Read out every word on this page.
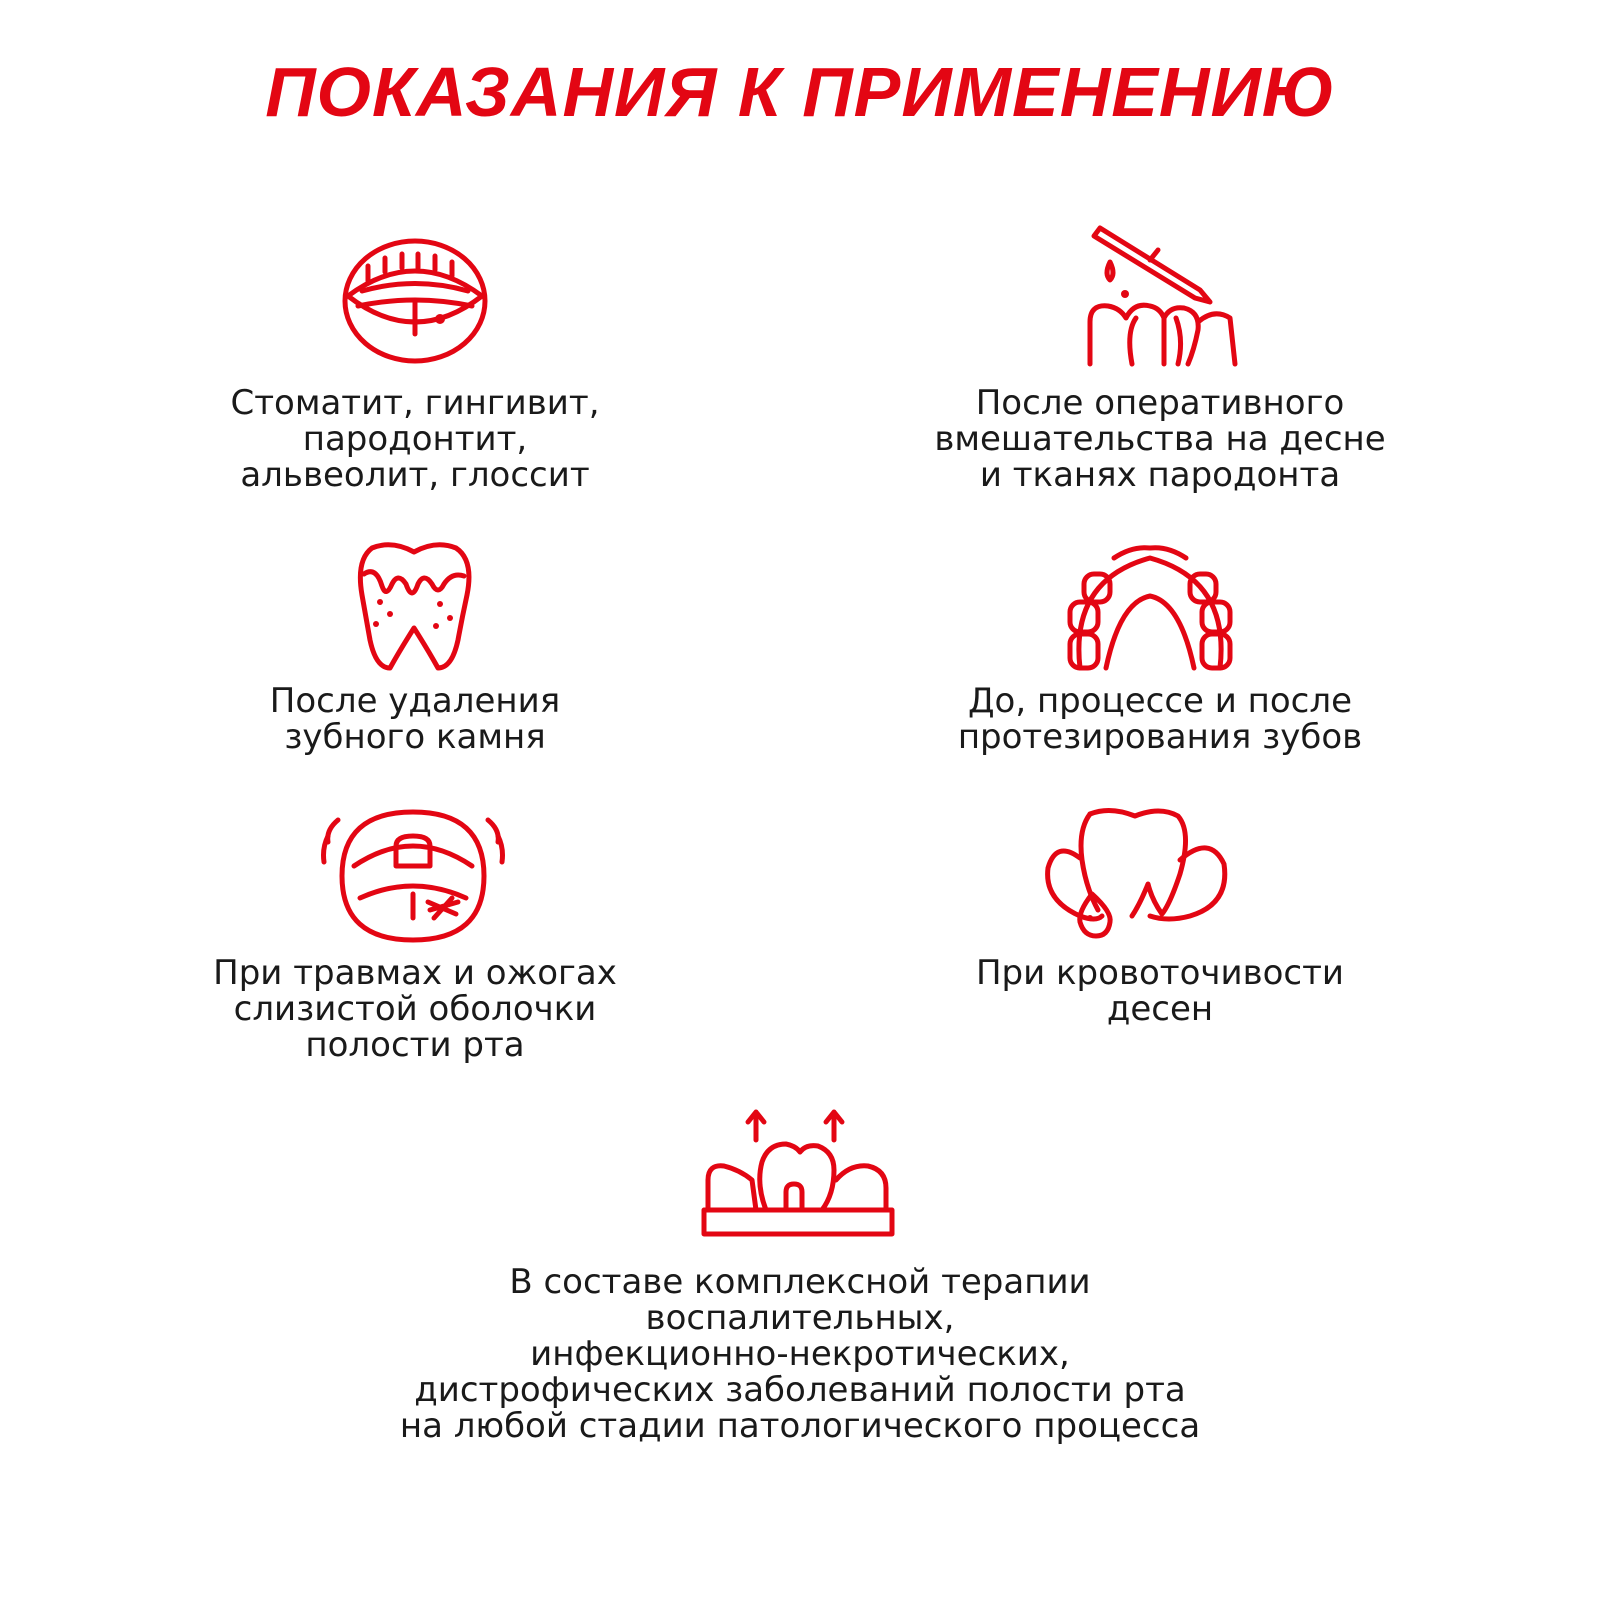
ПОКАЗАНИЯ К ПРИМЕНЕНИЮ
Стоматит, гингивит,
пародонтит,
альвеолит, глоссит
После оперативного
вмешательства на десне
и тканях пародонта
После удаления
зубного камня
До, процессе и после
протезирования зубов
При травмах и ожогах
слизистой оболочки
полости рта
При кровоточивости
десен
В составе комплексной терапии
воспалительных,
инфекционно-некротических,
дистрофических заболеваний полости рта
на любой стадии патологического процесса
